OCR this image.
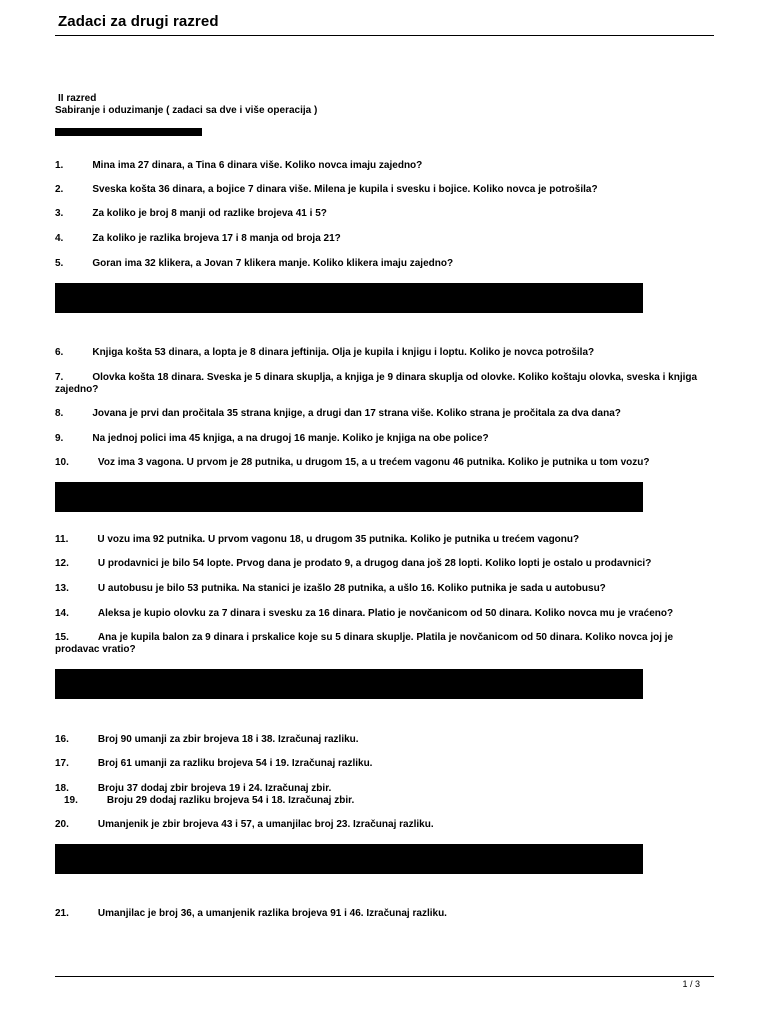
Zadaci za drugi razred
II razred
Sabiranje i oduzimanje ( zadaci sa dve i više operacija )
1.	Mina ima 27 dinara, a Tina 6 dinara više. Koliko novca imaju zajedno?
2.	Sveska košta 36 dinara, a bojice 7 dinara više. Milena je kupila i svesku i bojice. Koliko novca je potrošila?
3.	Za koliko je broj 8 manji od razlike brojeva 41 i 5?
4.	Za koliko je razlika brojeva 17 i 8 manja od broja 21?
5.	Goran ima 32 klikera, a Jovan 7 klikera manje. Koliko klikera imaju zajedno?
6.	Knjiga košta 53 dinara, a lopta je 8 dinara jeftinija. Olja je kupila i knjigu i loptu. Koliko je novca potrošila?
7.	Olovka košta 18 dinara. Sveska je 5 dinara skuplja, a knjiga je 9 dinara skuplja od olovke. Koliko koštaju olovka, sveska i knjiga zajedno?
8.	Jovana je prvi dan pročitala 35 strana knjige, a drugi dan 17 strana više. Koliko strana je pročitala za dva dana?
9.	Na jednoj polici ima 45 knjiga, a na drugoj 16 manje. Koliko je knjiga na obe police?
10.	Voz ima 3 vagona. U prvom je 28 putnika, u drugom 15, a u trećem vagonu 46 putnika. Koliko je putnika u tom vozu?
11.	U vozu ima 92 putnika. U prvom vagonu 18, u drugom 35 putnika. Koliko je putnika u trećem vagonu?
12.	U prodavnici je bilo 54 lopte. Prvog dana je prodato 9, a drugog dana još 28 lopti. Koliko lopti je ostalo u prodavnici?
13.	U autobusu je bilo 53 putnika. Na stanici je izašlo 28 putnika, a ušlo 16. Koliko putnika je sada u autobusu?
14.	Aleksa je kupio olovku za 7 dinara i svesku za 16 dinara. Platio je novčanicom od 50 dinara. Koliko novca mu je vraćeno?
15.	Ana je kupila balon za 9 dinara i prskalice koje su 5 dinara skuplje. Platila je novčanicom od 50 dinara. Koliko novca joj je prodavac vratio?
16.	Broj 90 umanji za zbir brojeva 18 i 38. Izračunaj razliku.
17.	Broj 61 umanji za razliku brojeva 54 i 19. Izračunaj razliku.
18.	Broju 37 dodaj zbir brojeva 19 i 24. Izračunaj zbir.
19.	Broju 29 dodaj razliku brojeva 54 i 18. Izračunaj zbir.
20.	Umanjenik je zbir brojeva 43 i 57, a umanjilac broj 23. Izračunaj razliku.
21.	Umanjilac je broj 36, a umanjenik razlika brojeva 91 i 46. Izračunaj razliku.
1 / 3
